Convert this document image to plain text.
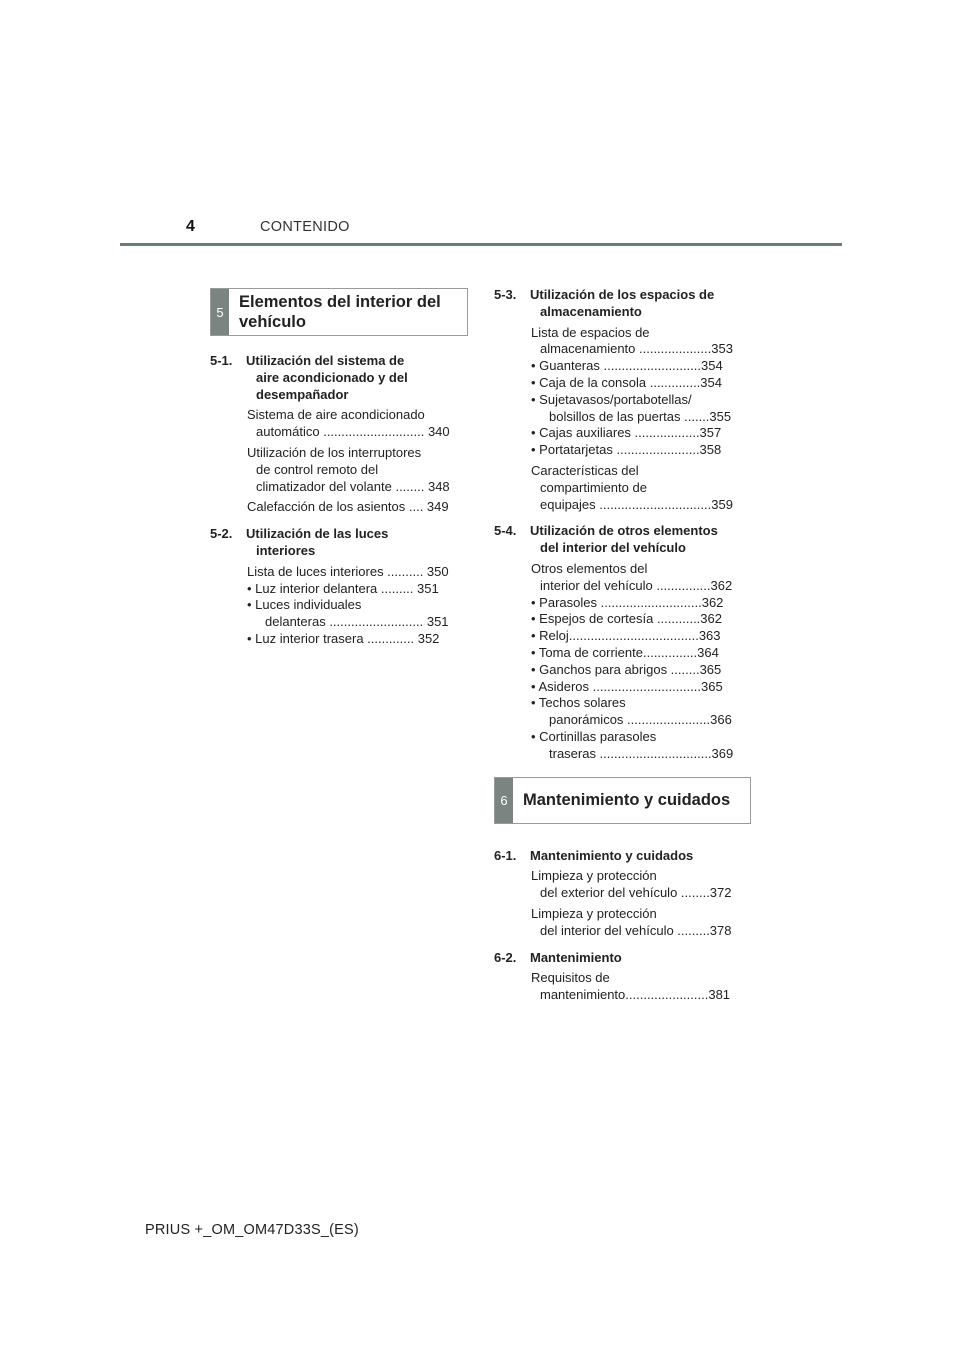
4	CONTENIDO
5
Elementos del interior del
vehículo
5-1.	Utilización del sistema de
aire acondicionado y del
desempañador
Sistema de aire acondicionado
automático ............................ 340
Utilización de los interruptores
de control remoto del
climatizador del volante ........ 348
Calefacción de los asientos .... 349
5-2.	Utilización de las luces
interiores
Lista de luces interiores .......... 350
• Luz interior delantera ......... 351
• Luces individuales
delanteras .......................... 351
• Luz interior trasera ............. 352
5-3.	Utilización de los espacios de
almacenamiento
Lista de espacios de
almacenamiento ....................353
• Guanteras ...........................354
• Caja de la consola ..............354
• Sujetavasos/portabotellas/
bolsillos de las puertas .......355
• Cajas auxiliares ..................357
• Portatarjetas .......................358
Características del
compartimiento de
equipajes ...............................359
5-4.	Utilización de otros elementos
del interior del vehículo
Otros elementos del
interior del vehículo ...............362
• Parasoles ............................362
• Espejos de cortesía ............362
• Reloj....................................363
• Toma de corriente...............364
• Ganchos para abrigos ........365
• Asideros ..............................365
• Techos solares
panorámicos .......................366
• Cortinillas parasoles
traseras ...............................369
6 Mantenimiento y cuidados
6-1.	Mantenimiento y cuidados
Limpieza y protección
del exterior del vehículo ........372
Limpieza y protección
del interior del vehículo .........378
6-2.	Mantenimiento
Requisitos de
mantenimiento.......................381
PRIUS +_OM_OM47D33S_(ES)
